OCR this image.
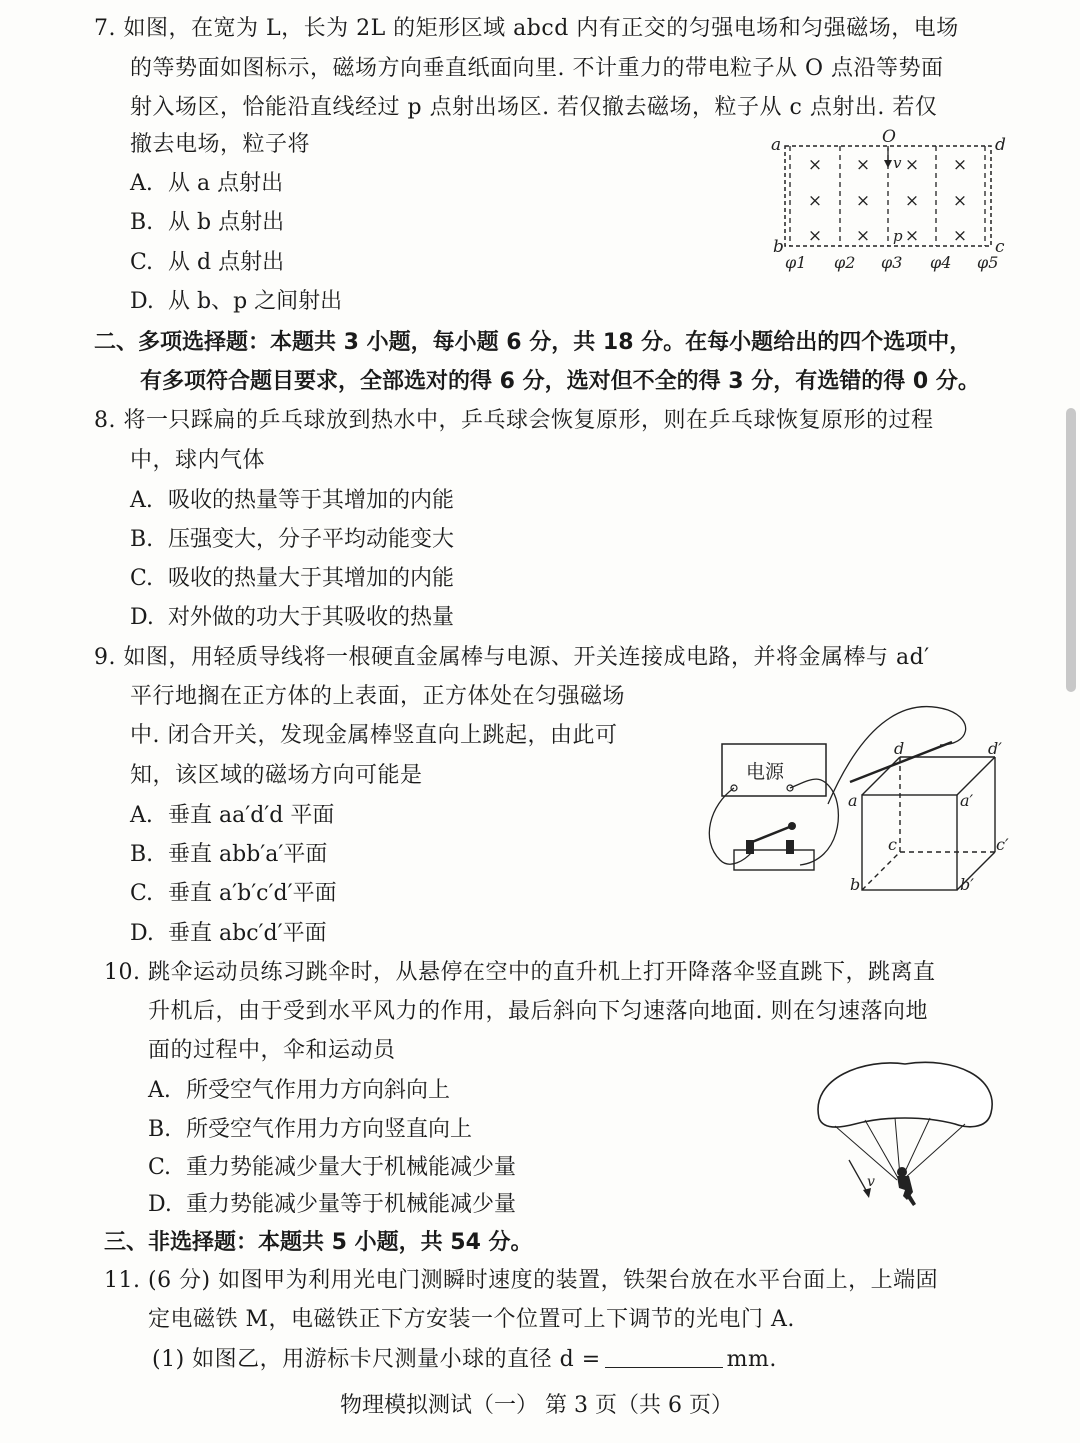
7. 如图，在宽为 L，长为 2L 的矩形区域 abcd 内有正交的匀强电场和匀强磁场，电场
的等势面如图标示，磁场方向垂直纸面向里. 不计重力的带电粒子从 O 点沿等势面
射入场区，恰能沿直线经过 p 点射出场区. 若仅撤去磁场，粒子从 c 点射出. 若仅
撤去电场，粒子将
A. 从 a 点射出
B. 从 b 点射出
C. 从 d 点射出
D. 从 b、p 之间射出
× × × ×
× × × ×
× × × ×
a	d
b	c
O
v
p
φ1 φ2 φ3 φ4 φ5
二、多项选择题：本题共 3 小题，每小题 6 分，共 18 分。在每小题给出的四个选项中，
有多项符合题目要求，全部选对的得 6 分，选对但不全的得 3 分，有选错的得 0 分。
8. 将一只踩扁的乒乓球放到热水中，乒乓球会恢复原形，则在乒乓球恢复原形的过程
中，球内气体
A. 吸收的热量等于其增加的内能
B. 压强变大，分子平均动能变大
C. 吸收的热量大于其增加的内能
D. 对外做的功大于其吸收的热量
9. 如图，用轻质导线将一根硬直金属棒与电源、开关连接成电路，并将金属棒与 ad′
平行地搁在正方体的上表面，正方体处在匀强磁场
中. 闭合开关，发现金属棒竖直向上跳起，由此可
知，该区域的磁场方向可能是
A. 垂直 aa′d′d 平面
B. 垂直 abb′a′平面
C. 垂直 a′b′c′d′平面
D. 垂直 abc′d′平面
电源
d	d′
a	a′
c	c′
b	b′
10. 跳伞运动员练习跳伞时，从悬停在空中的直升机上打开降落伞竖直跳下，跳离直
升机后，由于受到水平风力的作用，最后斜向下匀速落向地面. 则在匀速落向地
面的过程中，伞和运动员
A. 所受空气作用力方向斜向上
B. 所受空气作用力方向竖直向上
C. 重力势能减少量大于机械能减少量
D. 重力势能减少量等于机械能减少量
v
三、非选择题：本题共 5 小题，共 54 分。
11. (6 分) 如图甲为利用光电门测瞬时速度的装置，铁架台放在水平台面上，上端固
定电磁铁 M，电磁铁正下方安装一个位置可上下调节的光电门 A.
(1) 如图乙，用游标卡尺测量小球的直径 d =	mm.
物理模拟测试（一） 第 3 页（共 6 页）
